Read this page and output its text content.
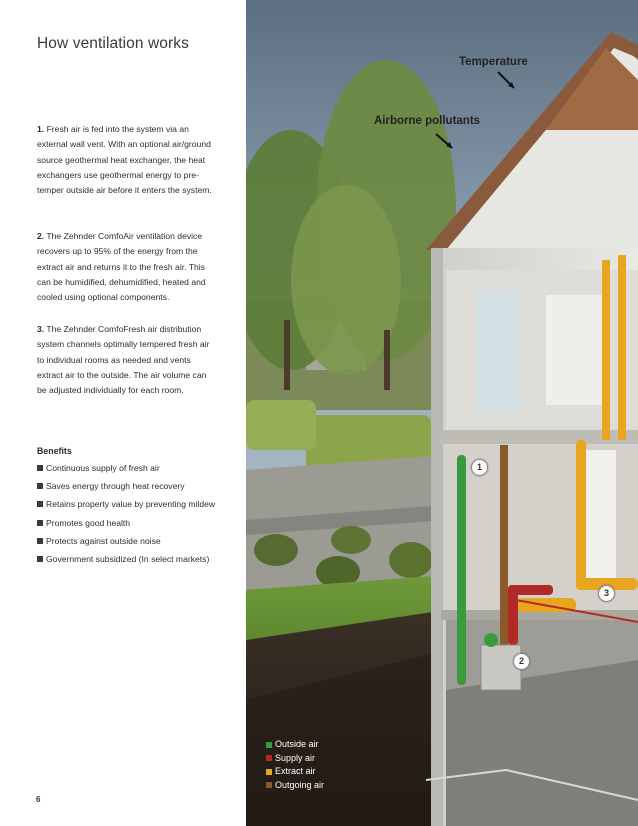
How ventilation works

1. Fresh air is fed into the system via an external wall vent. With an optional air/ground source geothermal heat exchanger, the heat exchangers use geothermal energy to pre-temper outside air before it enters the system.

2. The Zehnder ComfoAir ventilation device recovers up to 95% of the energy from the extract air and returns it to the fresh air. This can be humidified, dehumidified, heated and cooled using optional components.

3. The Zehnder ComfoFresh air distribution system channels optimally tempered fresh air to individual rooms as needed and vents extract air to the outside. The air volume can be adjusted individually for each room.

Benefits
Continuous supply of fresh air
Saves energy through heat recovery
Retains property value by preventing mildew
Promotes good health
Protects against outside noise
Government subsidized (In select markets)
6
Temperature
Airborne pollutants
1
2
3
Outside air
Supply air
Extract air
Outgoing air
